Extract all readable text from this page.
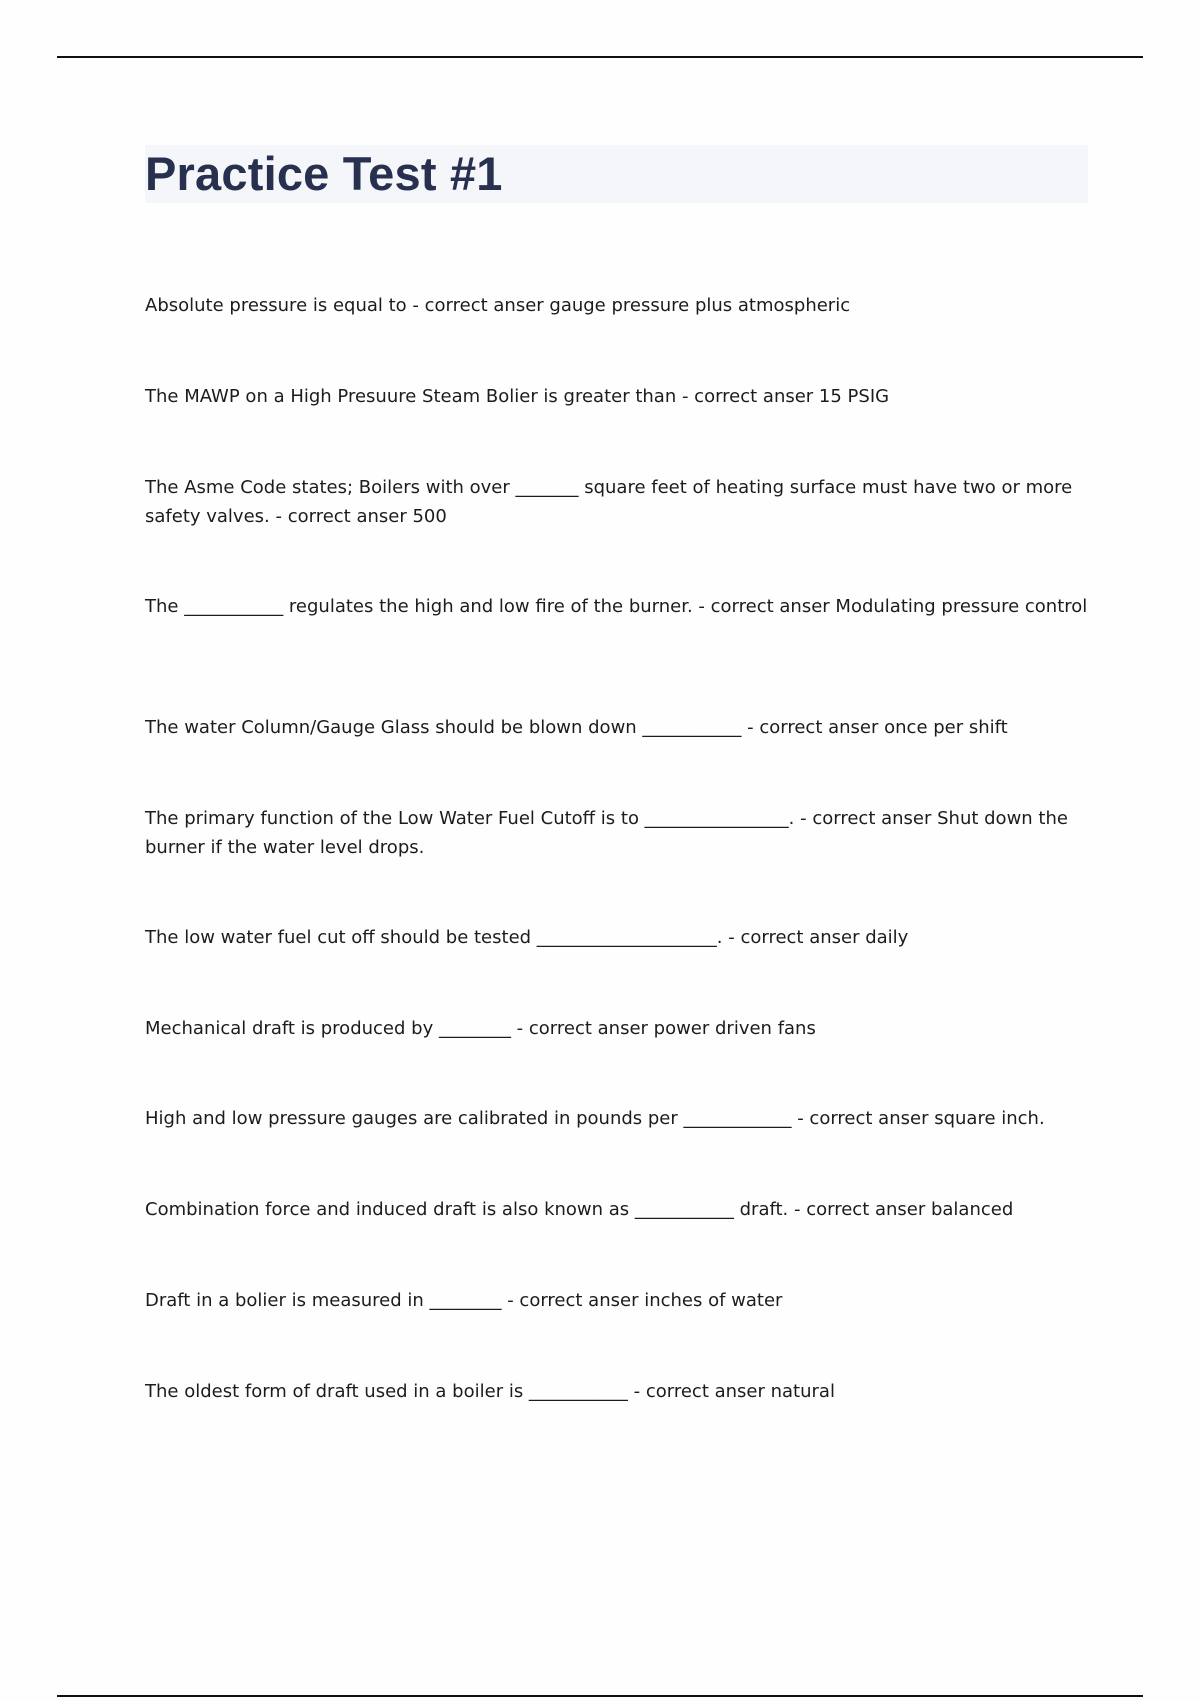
Practice Test #1

Absolute pressure is equal to - correct anser gauge pressure plus atmospheric

The MAWP on a High Presuure Steam Bolier is greater than - correct anser 15 PSIG

The Asme Code states; Boilers with over _______ square feet of heating surface must have two or more safety valves. - correct anser 500

The ___________ regulates the high and low fire of the burner. - correct anser Modulating pressure control

The water Column/Gauge Glass should be blown down ___________ - correct anser once per shift

The primary function of the Low Water Fuel Cutoff is to ________________. - correct anser Shut down the burner if the water level drops.

The low water fuel cut off should be tested ____________________. - correct anser daily

Mechanical draft is produced by ________ - correct anser power driven fans

High and low pressure gauges are calibrated in pounds per ____________ - correct anser square inch.

Combination force and induced draft is also known as ___________ draft. - correct anser balanced

Draft in a bolier is measured in ________ - correct anser inches of water

The oldest form of draft used in a boiler is ___________ - correct anser natural
